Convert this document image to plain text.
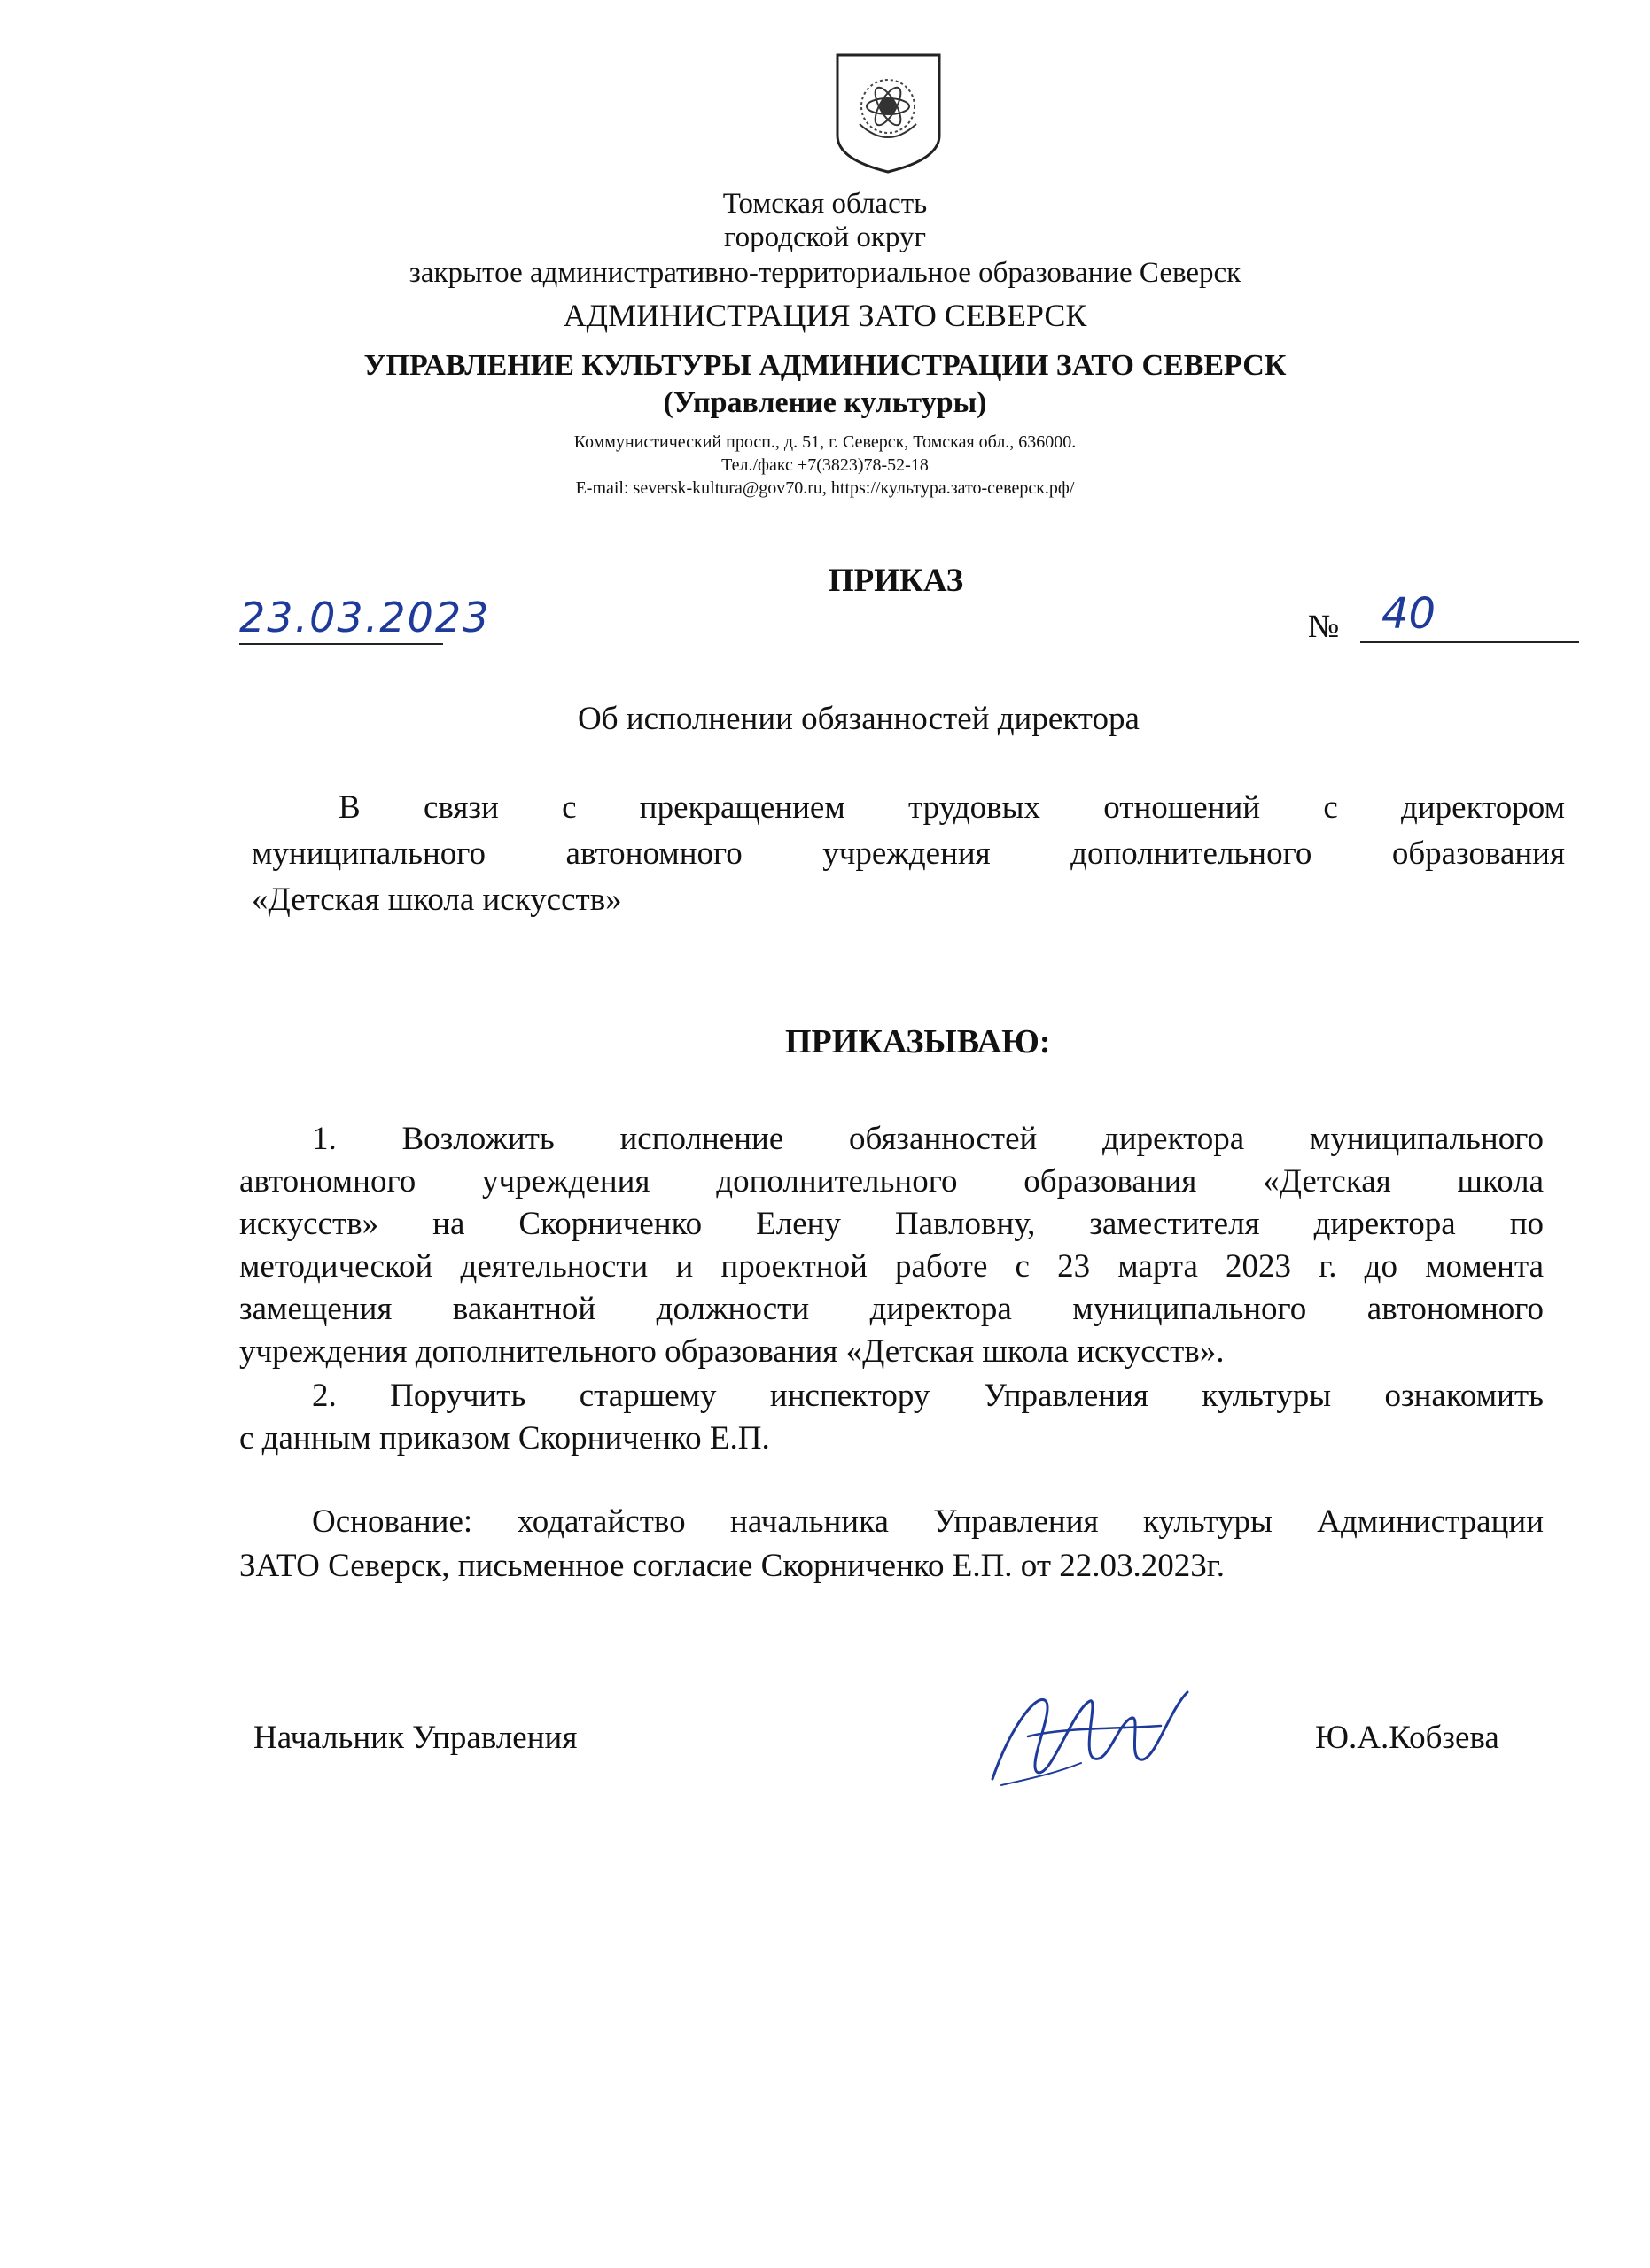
Томская область
городской округ
закрытое административно-территориальное образование Северск
АДМИНИСТРАЦИЯ ЗАТО СЕВЕРСК
УПРАВЛЕНИЕ КУЛЬТУРЫ АДМИНИСТРАЦИИ ЗАТО СЕВЕРСК
(Управление культуры)
Коммунистический просп., д. 51, г. Северск, Томская обл., 636000.
Тел./факс +7(3823)78-52-18
E-mail: seversk-kultura@gov70.ru, https://культура.зато-северск.рф/
ПРИКАЗ
23.03.2023	№ 40
Об исполнении обязанностей директора
В связи с прекращением трудовых отношений с директором
муниципального автономного учреждения дополнительного образования
«Детская школа искусств»
ПРИКАЗЫВАЮ:
1. Возложить исполнение обязанностей директора муниципального
автономного учреждения дополнительного образования «Детская школа
искусств» на Скорниченко Елену Павловну, заместителя директора по
методической деятельности и проектной работе с 23 марта 2023 г. до момента
замещения вакантной должности директора муниципального автономного
учреждения дополнительного образования «Детская школа искусств».
2. Поручить старшему инспектору Управления культуры ознакомить
с данным приказом Скорниченко Е.П.
Основание: ходатайство начальника Управления культуры Администрации
ЗАТО Северск, письменное согласие Скорниченко Е.П. от 22.03.2023г.
Начальник Управления	Ю.А.Кобзева
